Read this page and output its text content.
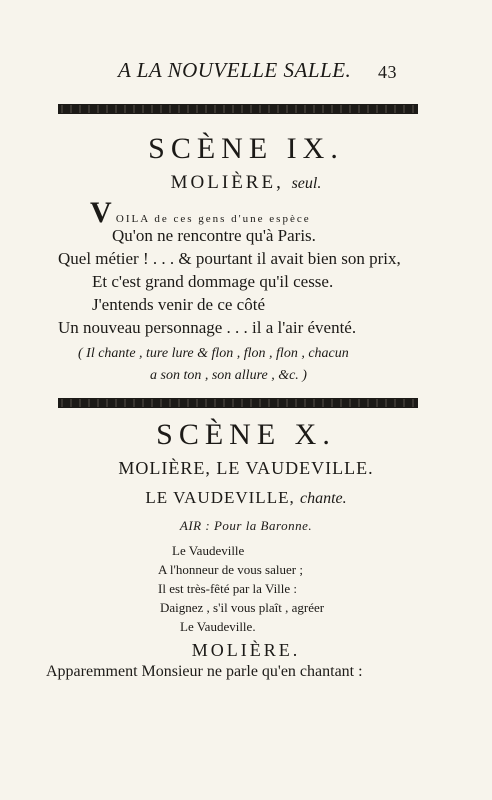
A LA NOUVELLE SALLE. 43
SCÈNE IX.
MOLIÈRE, seul.
V OILA de ces gens d'une espèce
Qu'on ne rencontre qu'à Paris.
Quel métier ! . . . & pourtant il avait bien son prix,
Et c'est grand dommage qu'il cesse.
J'entends venir de ce côté
Un nouveau personnage . . . il a l'air éventé.
( Il chante , ture lure & flon , flon , flon , chacun
a son ton , son allure , &c. )
SCÈNE X.
MOLIÈRE, LE VAUDEVILLE.
LE VAUDEVILLE, chante.
AIR : Pour la Baronne.
Le Vaudeville
A l'honneur de vous saluer ;
Il est très-fêté par la Ville :
Daignez , s'il vous plaît , agréer
Le Vaudeville.
MOLIÈRE.
Apparemment Monsieur ne parle qu'en chantant :
